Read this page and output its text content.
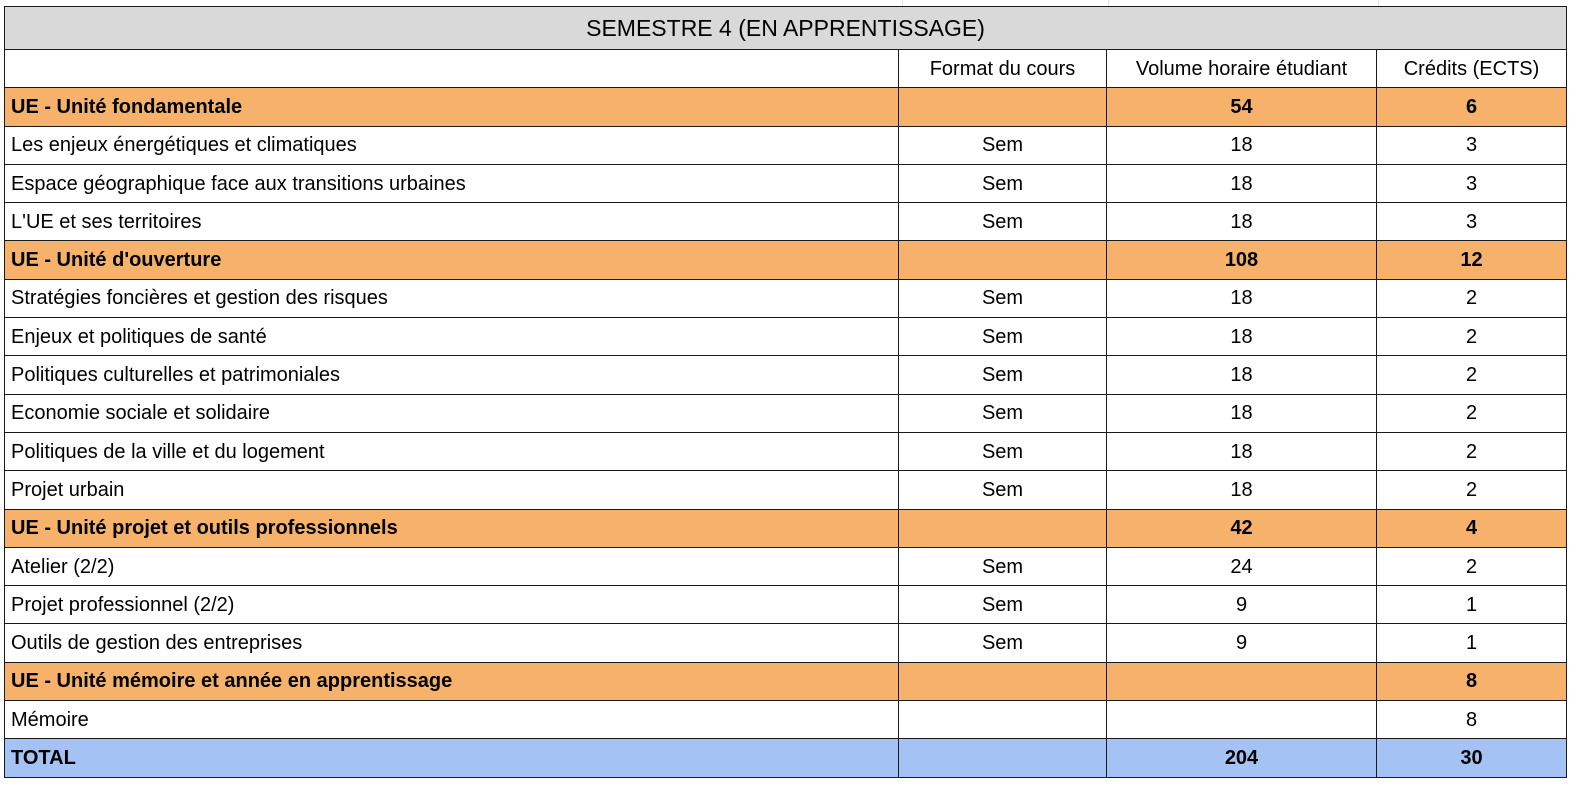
SEMESTRE 4 (EN APPRENTISSAGE)			
	Format du cours	Volume horaire étudiant	Crédits (ECTS)
UE - Unité fondamentale		54	6
Les enjeux énergétiques et climatiques	Sem	18	3
Espace géographique face aux transitions urbaines	Sem	18	3
L'UE et ses territoires	Sem	18	3
UE - Unité d'ouverture		108	12
Stratégies foncières et gestion des risques	Sem	18	2
Enjeux et politiques de santé	Sem	18	2
Politiques culturelles et patrimoniales	Sem	18	2
Economie sociale et solidaire	Sem	18	2
Politiques de la ville et du logement	Sem	18	2
Projet urbain	Sem	18	2
UE - Unité projet et outils professionnels		42	4
Atelier (2/2)	Sem	24	2
Projet professionnel (2/2)	Sem	9	1
Outils de gestion des entreprises	Sem	9	1
UE - Unité mémoire et année en apprentissage			8
Mémoire			8
TOTAL		204	30
